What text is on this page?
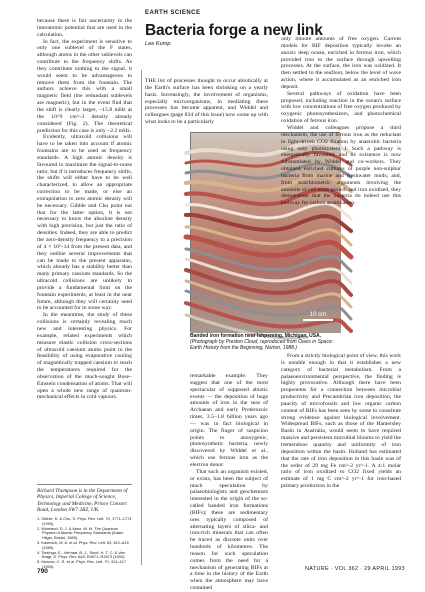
because there is fair uncertainty in the interatomic potential that are used in the calculation.

In fact, the experiment is sensitive to only one sublevel of the F states, although atoms in the other sublevels can contribute to the frequency shifts. As they contribute nothing to the signal, it would seem to be advantageous to remove them from the fountain. The authors achieve this with a small magnetic field (the redundant sublevels are magnetic), but in the event find that the shift is clearly larger, ~15.8 mHz at the 10^9 cm^-3 density already considered (Fig. 2). The theoretical prediction for this case is only ~2.2 mHz.

Evidently, ultracold collisions will have to be taken into account if atomic fountains are to be used as frequency standards. A high atomic density is favoured to maximize the signal-to-noise ratio, but if it introduces frequency shifts, the shifts will either have to be well characterized, to allow an appropriate correction to be made, or else an extrapolation to zero atomic density will be necessary. Gibble and Chu point out that for the latter option, it is not necessary to know the absolute density with high precision, but just the ratio of densities. Indeed, they are able to predict the zero-density frequency to a precision of 4 × 10^-14 from the present data, and they outline several improvements that can be made to the present apparatus, which already has a stability better than many primary caesium standards. So the ultracold collisions are unlikely to provide a fundamental limit on the fountain experiments, at least in the near future, although they will certainly need to be accounted for in some way.

In the meantime, the study of these collisions is certainly revealing much new and interesting physics. For example, related experiments which measure elastic collision cross-sections of ultracold caesium atoms point to the feasibility of using evaporative cooling of magnetically trapped caesium to reach the temperatures required for the observation of the much-sought Bose–Einstein condensation of atoms. That will open a whole new range of quantum-mechanical effects in cold vapours.

Richard Thompson is in the Department of Physics, Imperial College of Science, Technology and Medicine, Prince Consort Road, London SW7 2BZ, UK.
1. Gibble, K. & Chu, S. Phys. Rev. Lett. 70, 1771–1774 (1993).
2. Wineland, D. J. & Itano, W. M. The Quantum Physics of Atomic Frequency Standards (Adam Hilger, Bristol, 1989).
3. Kasevich, M. A. et al. Phys. Rev. Lett. 63, 612–615 (1989).
4. Tiesinga, E., Verhaar, B. J., Stoof, H. T. C. & Van Bragt, D. Phys. Rev. A45, R2671–R2673 (1992).
5. Monroe, C. R. et al. Phys. Rev. Lett. 70, 414–417 (1993).
790
EARTH SCIENCE
Bacteria forge a new link
Lee Kump

THE list of processes thought to occur abiotically at the Earth's surface has been shrinking on a yearly basis. Increasingly, the involvement of organisms, especially microorganisms, in mediating these processes has become apparent, and Widdel and colleagues (page 834 of this issue) now come up with what looks to be a particularly

10 cm
Banded iron formation near Ishpeming, Michigan, USA. (Photograph by Preston Cloud, reproduced from Oasis in Space: Earth History from the Beginning, Norton, 1988.)

remarkable example. They suggest that one of the most spectacular of supposed abiotic events — the deposition of huge amounts of iron in the seas of Archaean and early Proterozoic times, 3.5–1.8 billion years ago — was in fact biological in origin. The finger of suspicion points to anoxygenic, photosynthetic bacteria, newly discovered by Widdel et al., which use ferrous iron as the electron donor.

That such an organism existed, or exists, has been the subject of much speculation by palaeobiologists and geochemists interested in the origin of the so-called banded iron formations (BIFs); these are sedimentary ores typically composed of alternating layers of silica- and iron-rich minerals that can often be traced as discrete units over hundreds of kilometres. The reason for such speculation comes from the need for a mechanism of generating BIFs at a time in the history of the Earth when the atmosphere may have contained

only minute amounts of free oxygen. Current models for BIF deposition typically invoke an anoxic deep ocean, enriched in ferrous iron, which provided iron to the surface through upwelling processes. At the surface, the iron was oxidized. It then settled to the seafloor, below the level of wave action, where it accumulated as an enriched iron deposit.

Several pathways of oxidation have been proposed, including reaction in the ocean's surface with low concentrations of free oxygen produced by oxygenic photosynthesizers, and photochemical oxidation of ferrous iron.

Widdel and colleagues propose a third mechanism, the use of ferrous iron as the reductant in light-driven CO2 fixation by anaerobic bacteria using only photosystem I. Such a pathway is energetically favoured, and its existence is now substantiated by Widdel and co-workers. They obtained enriched cultures of purple non-sulphur bacteria from marine and freshwater muds; and, from stoichiometric arguments involving the amounts of cell mass growth and iron oxidized, they demonstrate that the bacteria do indeed use this pathway for carbon assimilation.

From a strictly biological point of view, this work is notable enough in that it establishes a new category of bacterial metabolism. From a palaeoenvironmental perspective, the finding is highly provocative. Although there have been proponents for a connection between microbial productivity and Precambrian iron deposition, the paucity of microfossils and low organic carbon content of BIFs has been seen by some to constitute strong evidence against biological involvement. Widespread BIFs, such as those of the Hamersley Basin in Australia, would seem to have required massive and persistent microbial blooms to yield the tremendous quantity and uniformity of iron deposition within the basin. Holland has estimated that the rate of iron deposition in this basin was of the order of 29 mg Fe cm^-2 yr^-1. A 4:1 molar ratio of iron oxidized to CO2 fixed yields an estimate of 1 mg C cm^-2 yr^-1 for iron-based primary production in the

NATURE · VOL 362 · 29 APRIL 1993
